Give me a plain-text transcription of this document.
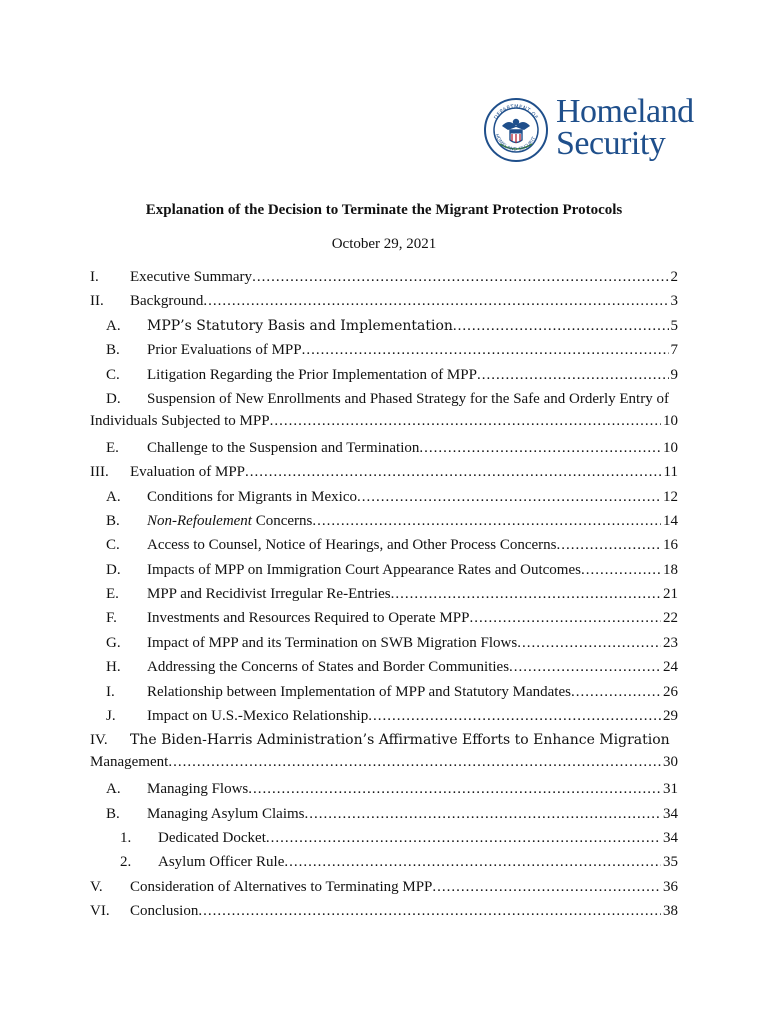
DEPARTMENT OF
HOMELAND SECURIT
Homeland
Security
Explanation of the Decision to Terminate the Migrant Protection Protocols
October 29, 2021
I.	Executive Summary .....	2
II.	Background .....	3
A.	MPP’s Statutory Basis and Implementation .....	5
B.	Prior Evaluations of MPP .....	7
C.	Litigation Regarding the Prior Implementation of MPP .....	9
D. Suspension of New Enrollments and Phased Strategy for the Safe and Orderly Entry of
Individuals Subjected to MPP .....	10
E.	Challenge to the Suspension and Termination .....	10
III.	Evaluation of MPP .....	11
A.	Conditions for Migrants in Mexico .....	12
B.	Non-Refoulement Concerns .....	14
C.	Access to Counsel, Notice of Hearings, and Other Process Concerns .....	16
D.	Impacts of MPP on Immigration Court Appearance Rates and Outcomes .....	18
E.	MPP and Recidivist Irregular Re-Entries .....	21
F.	Investments and Resources Required to Operate MPP .....	22
G.	Impact of MPP and its Termination on SWB Migration Flows .....	23
H.	Addressing the Concerns of States and Border Communities .....	24
I.	Relationship between Implementation of MPP and Statutory Mandates .....	26
J.	Impact on U.S.-Mexico Relationship .....	29
IV. The Biden-Harris Administration’s Affirmative Efforts to Enhance Migration
Management .....	30
A.	Managing Flows .....	31
B.	Managing Asylum Claims .....	34
1.	Dedicated Docket .....	34
2.	Asylum Officer Rule .....	35
V.	Consideration of Alternatives to Terminating MPP .....	36
VI.	Conclusion .....	38
